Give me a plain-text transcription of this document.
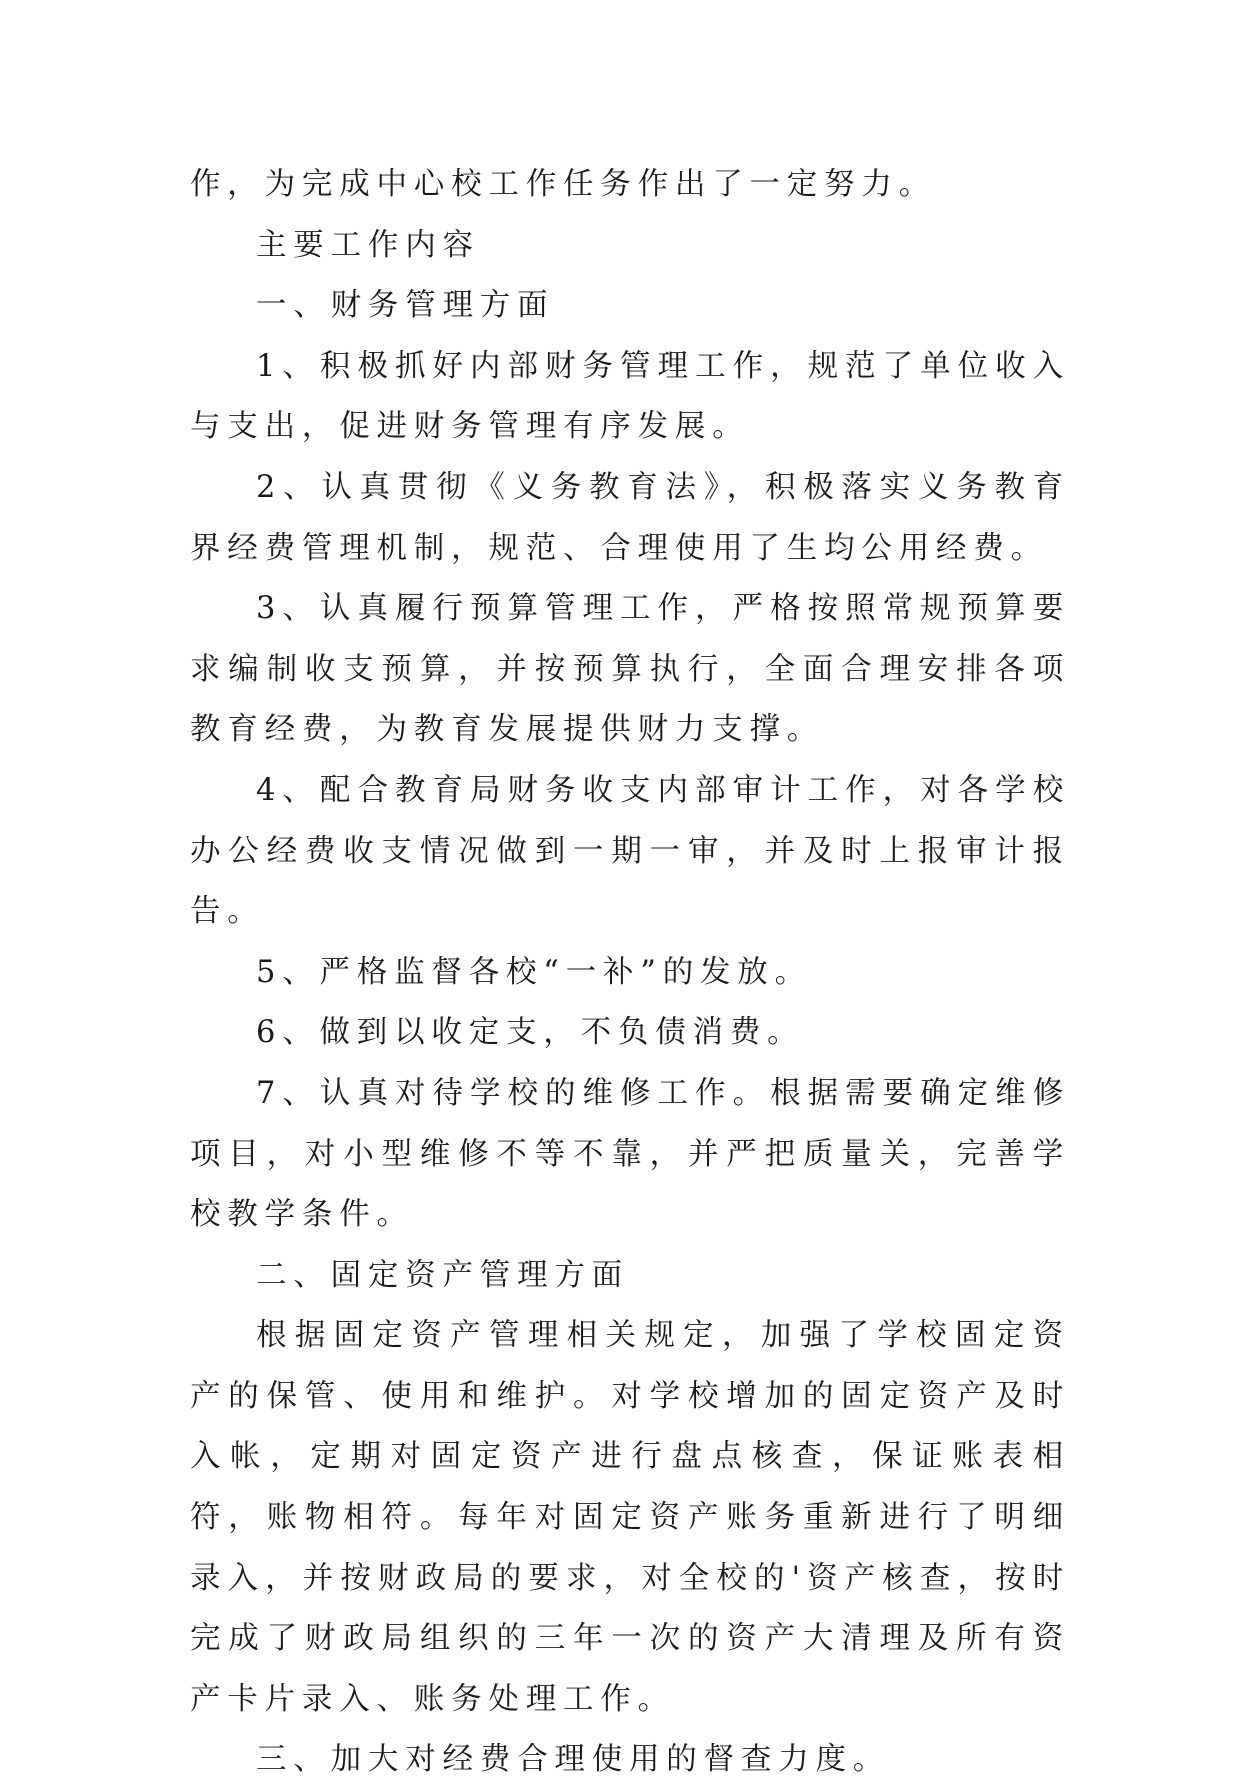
作，为完成中心校工作任务作出了一定努力。

主要工作内容

一、财务管理方面

1、积极抓好内部财务管理工作，规范了单位收入与支出，促进财务管理有序发展。

2、认真贯彻《义务教育法》，积极落实义务教育界经费管理机制，规范、合理使用了生均公用经费。

3、认真履行预算管理工作，严格按照常规预算要求编制收支预算，并按预算执行，全面合理安排各项教育经费，为教育发展提供财力支撑。

4、配合教育局财务收支内部审计工作，对各学校办公经费收支情况做到一期一审，并及时上报审计报告。

5、严格监督各校“一补”的发放。

6、做到以收定支，不负债消费。

7、认真对待学校的维修工作。根据需要确定维修项目，对小型维修不等不靠，并严把质量关，完善学校教学条件。

二、固定资产管理方面

根据固定资产管理相关规定，加强了学校固定资产的保管、使用和维护。对学校增加的固定资产及时入帐，定期对固定资产进行盘点核查，保证账表相符，账物相符。每年对固定资产账务重新进行了明细录入，并按财政局的要求，对全校的'资产核查，按时完成了财政局组织的三年一次的资产大清理及所有资产卡片录入、账务处理工作。

三、加大对经费合理使用的督查力度。
